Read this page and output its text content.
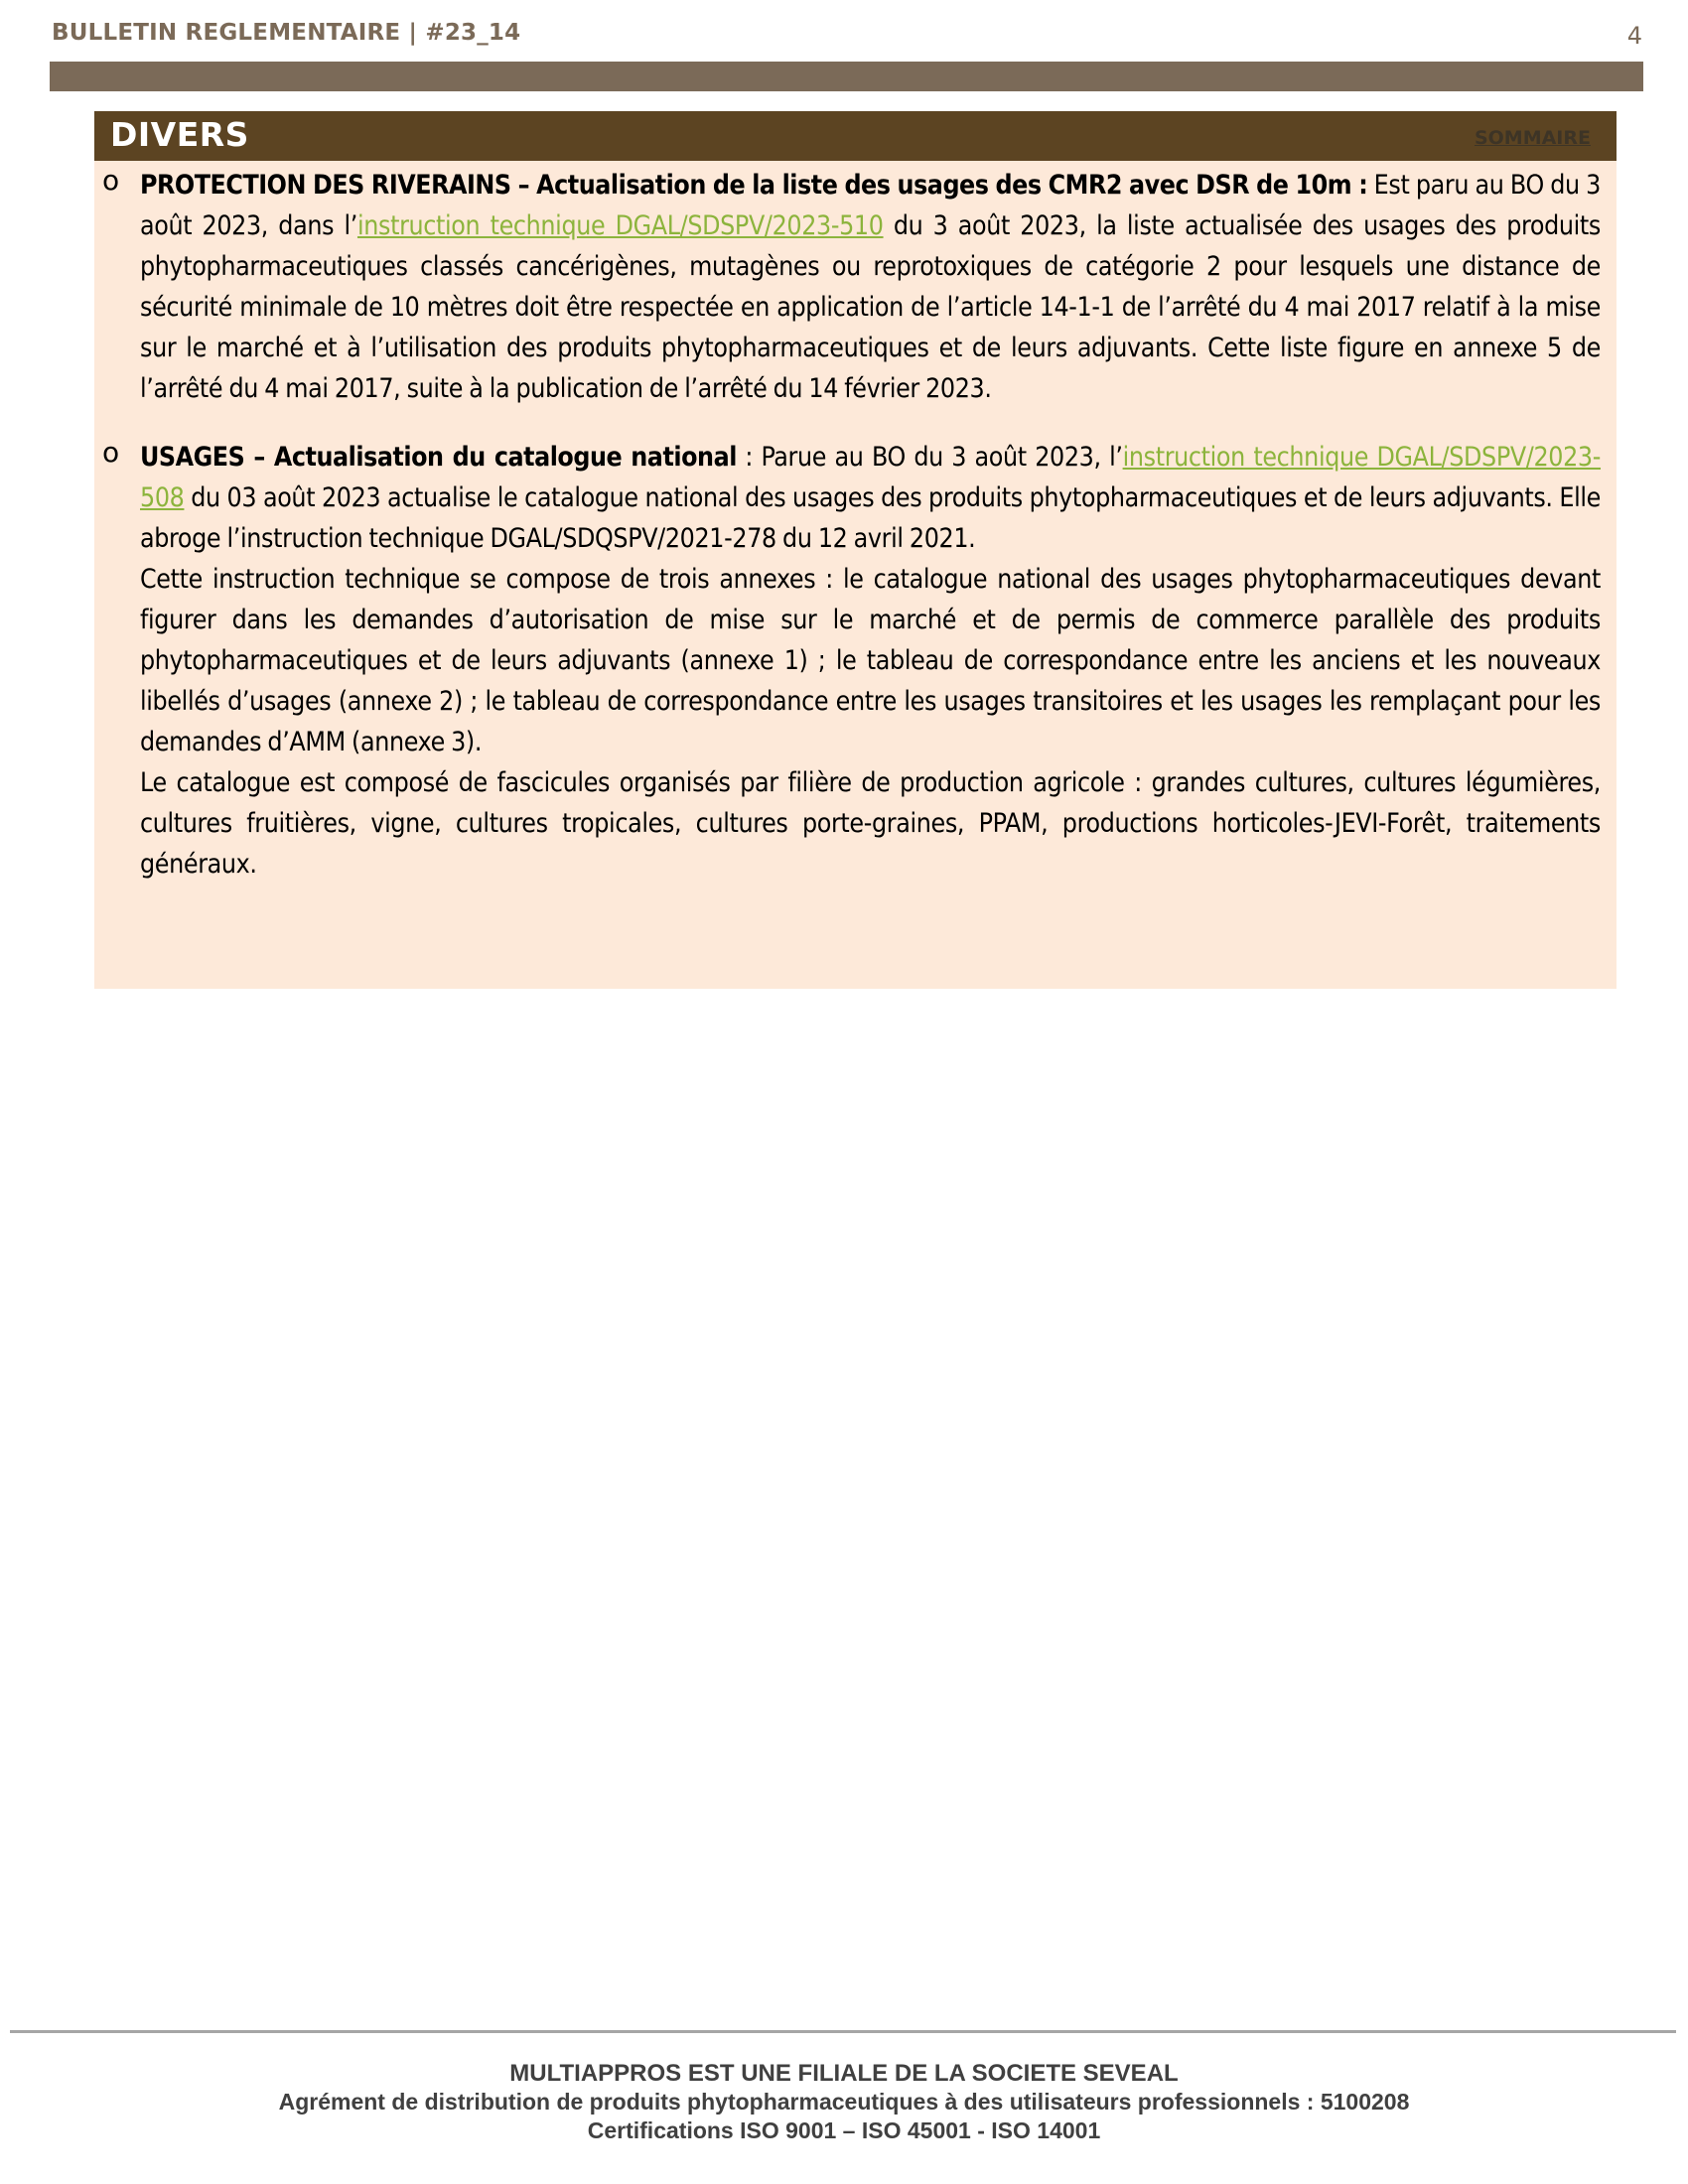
BULLETIN REGLEMENTAIRE | #23_14	4
DIVERS	SOMMAIRE
o PROTECTION DES RIVERAINS – Actualisation de la liste des usages des CMR2 avec DSR de 10m : Est paru au BO du 3 août 2023, dans l’instruction technique DGAL/SDSPV/2023-510 du 3 août 2023, la liste actualisée des usages des produits phytopharmaceutiques classés cancérigènes, mutagènes ou reprotoxiques de catégorie 2 pour lesquels une distance de sécurité minimale de 10 mètres doit être respectée en application de l’article 14-1-1 de l’arrêté du 4 mai 2017 relatif à la mise sur le marché et à l’utilisation des produits phytopharmaceutiques et de leurs adjuvants. Cette liste figure en annexe 5 de l’arrêté du 4 mai 2017, suite à la publication de l’arrêté du 14 février 2023.

o USAGES – Actualisation du catalogue national : Parue au BO du 3 août 2023, l’instruction technique DGAL/SDSPV/2023-508 du 03 août 2023 actualise le catalogue national des usages des produits phytopharmaceutiques et de leurs adjuvants. Elle abroge l’instruction technique DGAL/SDQSPV/2021-278 du 12 avril 2021.

Cette instruction technique se compose de trois annexes : le catalogue national des usages phytopharmaceutiques devant figurer dans les demandes d’autorisation de mise sur le marché et de permis de commerce parallèle des produits phytopharmaceutiques et de leurs adjuvants (annexe 1) ; le tableau de correspondance entre les anciens et les nouveaux libellés d’usages (annexe 2) ; le tableau de correspondance entre les usages transitoires et les usages les remplaçant pour les demandes d’AMM (annexe 3).

Le catalogue est composé de fascicules organisés par filière de production agricole : grandes cultures, cultures légumières, cultures fruitières, vigne, cultures tropicales, cultures porte-graines, PPAM, productions horticoles-JEVI-Forêt, traitements généraux.

MULTIAPPROS EST UNE FILIALE DE LA SOCIETE SEVEAL
Agrément de distribution de produits phytopharmaceutiques à des utilisateurs professionnels : 5100208
Certifications ISO 9001 – ISO 45001 - ISO 14001
